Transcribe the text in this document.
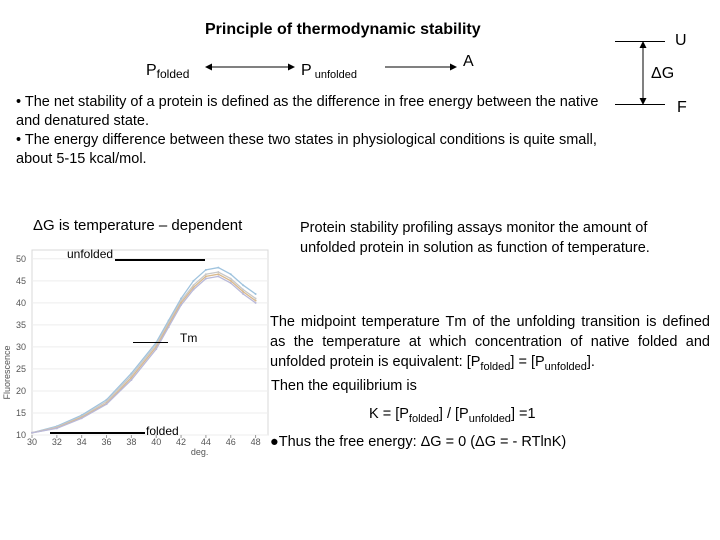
Principle of thermodynamic stability
$P_{folded}$	P $_{unfolded}$
A
U
ΔG
F
• The net stability of a protein is defined as the difference in free energy between the native and denatured state.
• The energy difference between these two states in physiological conditions is quite small, about 5-15 kcal/mol.
ΔG is temperature – dependent	Protein stability profiling assays monitor the amount of unfolded protein in solution as function of temperature.
50
45
40
35
30
25
20
15
10
30 32 34 36 38 40 42 44 46 48
deg.
Fluorescence
unfolded
Tm
folded
The midpoint temperature Tm of the unfolding transition is defined as the temperature at which concentration of native folded and unfolded protein is equivalent: $[P_{folded}] = [P_{unfolded}]$.
Then the equilibrium is
$K = [P_{folded}] / [P_{unfolded}] =1$
●Thus the free energy: ΔG = 0 (ΔG = - RTlnK)
